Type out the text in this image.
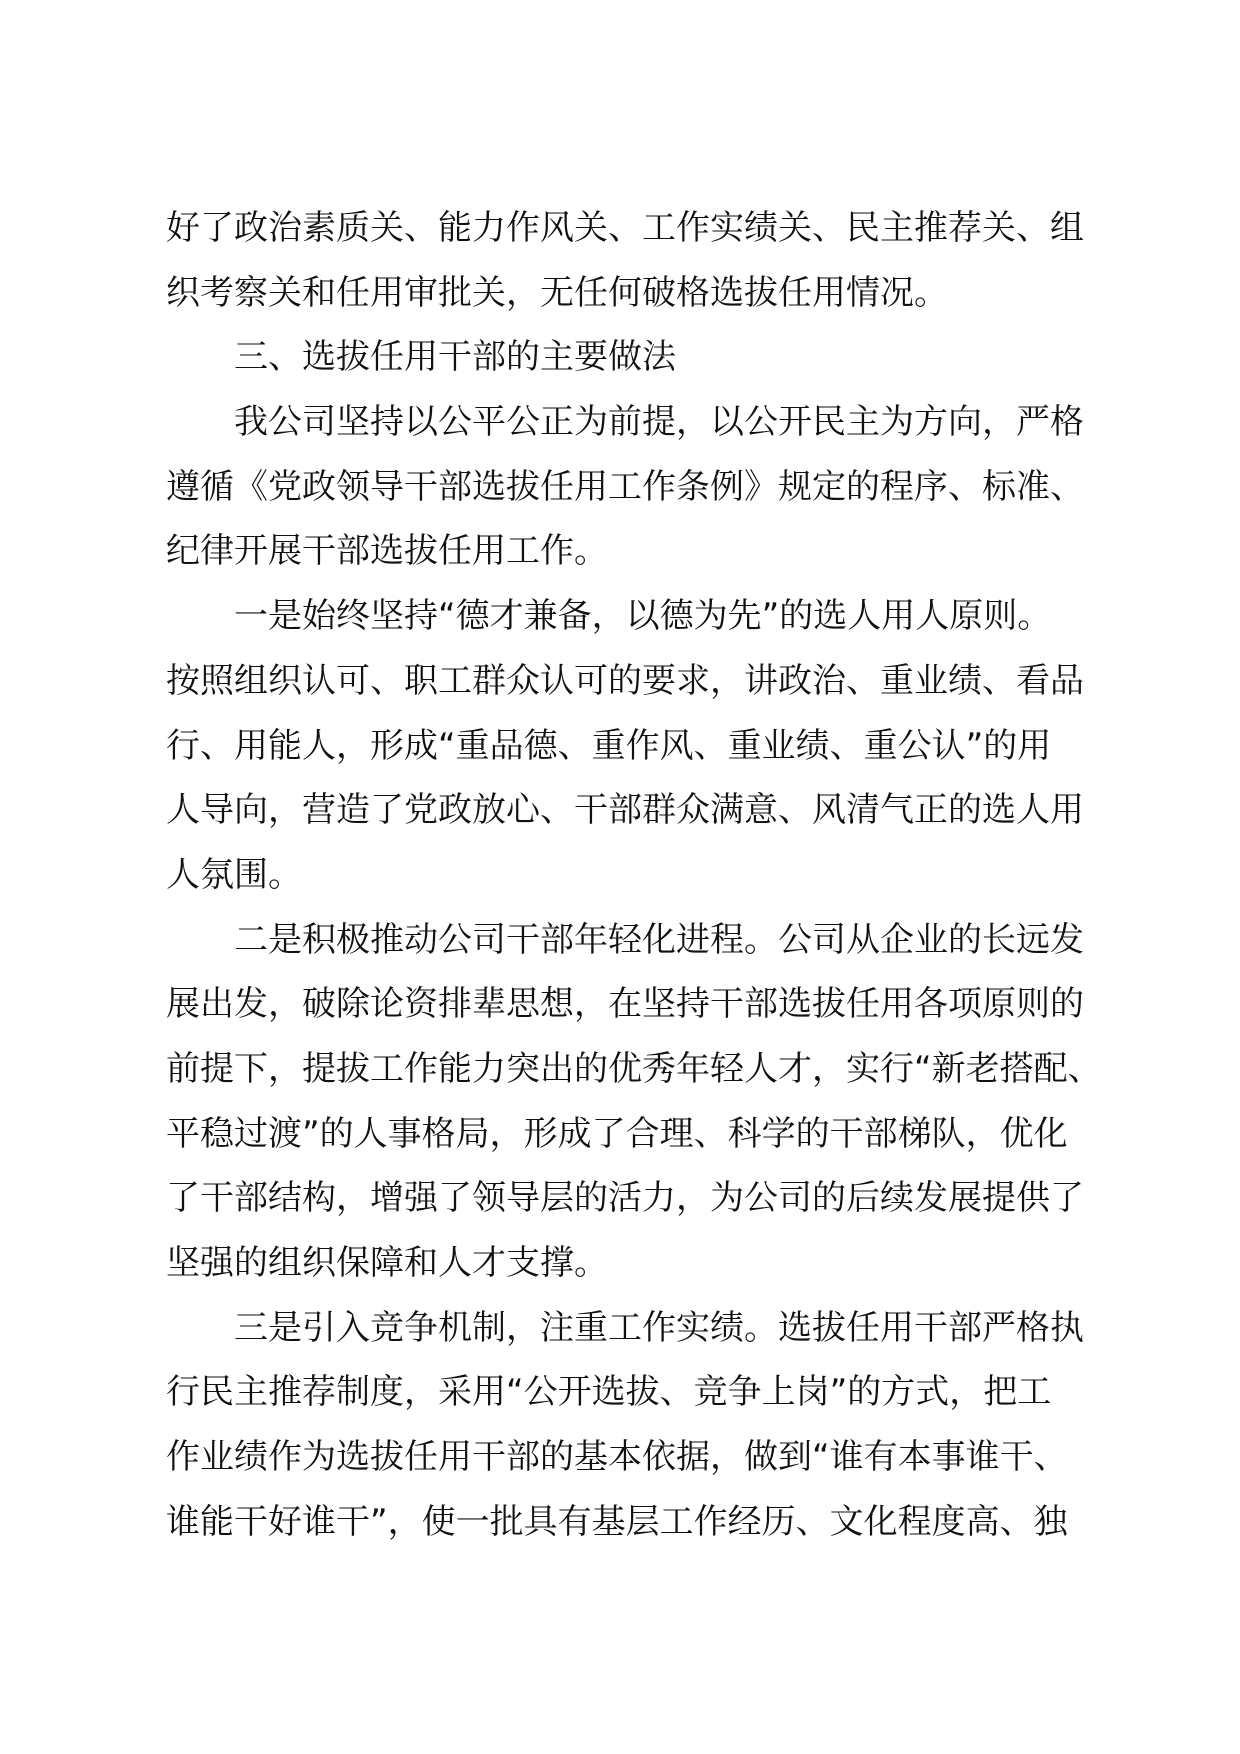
好了政治素质关、能力作风关、工作实绩关、民主推荐关、组
织考察关和任用审批关，无任何破格选拔任用情况。
三、选拔任用干部的主要做法
我公司坚持以公平公正为前提，以公开民主为方向，严格
遵循《党政领导干部选拔任用工作条例》规定的程序、标准、
纪律开展干部选拔任用工作。
一是始终坚持“德才兼备，以德为先”的选人用人原则。
按照组织认可、职工群众认可的要求，讲政治、重业绩、看品
行、用能人，形成“重品德、重作风、重业绩、重公认”的用
人导向，营造了党政放心、干部群众满意、风清气正的选人用
人氛围。
二是积极推动公司干部年轻化进程。公司从企业的长远发
展出发，破除论资排辈思想，在坚持干部选拔任用各项原则的
前提下，提拔工作能力突出的优秀年轻人才，实行“新老搭配、
平稳过渡”的人事格局，形成了合理、科学的干部梯队，优化
了干部结构，增强了领导层的活力，为公司的后续发展提供了
坚强的组织保障和人才支撑。
三是引入竞争机制，注重工作实绩。选拔任用干部严格执
行民主推荐制度，采用“公开选拔、竞争上岗”的方式，把工
作业绩作为选拔任用干部的基本依据，做到“谁有本事谁干、
谁能干好谁干”，使一批具有基层工作经历、文化程度高、独
